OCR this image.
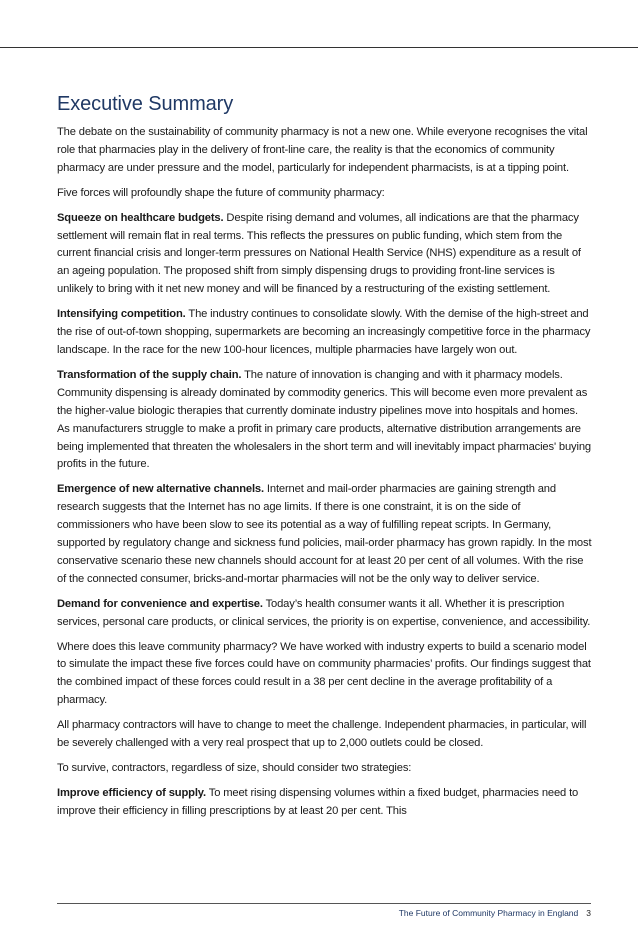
Executive Summary

The debate on the sustainability of community pharmacy is not a new one. While everyone recognises the vital role that pharmacies play in the delivery of front-line care, the reality is that the economics of community pharmacy are under pressure and the model, particularly for independent pharmacists, is at a tipping point.

Five forces will profoundly shape the future of community pharmacy:

Squeeze on healthcare budgets. Despite rising demand and volumes, all indications are that the pharmacy settlement will remain flat in real terms. This reflects the pressures on public funding, which stem from the current financial crisis and longer-term pressures on National Health Service (NHS) expenditure as a result of an ageing population. The proposed shift from simply dispensing drugs to providing front-line services is unlikely to bring with it net new money and will be financed by a restructuring of the existing settlement.

Intensifying competition. The industry continues to consolidate slowly. With the demise of the high-street and the rise of out-of-town shopping, supermarkets are becoming an increasingly competitive force in the pharmacy landscape. In the race for the new 100-hour licences, multiple pharmacies have largely won out.

Transformation of the supply chain. The nature of innovation is changing and with it pharmacy models. Community dispensing is already dominated by commodity generics. This will become even more prevalent as the higher-value biologic therapies that currently dominate industry pipelines move into hospitals and homes. As manufacturers struggle to make a profit in primary care products, alternative distribution arrangements are being implemented that threaten the wholesalers in the short term and will inevitably impact pharmacies' buying profits in the future.

Emergence of new alternative channels. Internet and mail-order pharmacies are gaining strength and research suggests that the Internet has no age limits. If there is one constraint, it is on the side of commissioners who have been slow to see its potential as a way of fulfilling repeat scripts. In Germany, supported by regulatory change and sickness fund policies, mail-order pharmacy has grown rapidly. In the most conservative scenario these new channels should account for at least 20 per cent of all volumes. With the rise of the connected consumer, bricks-and-mortar pharmacies will not be the only way to deliver service.

Demand for convenience and expertise. Today’s health consumer wants it all. Whether it is prescription services, personal care products, or clinical services, the priority is on expertise, convenience, and accessibility.

Where does this leave community pharmacy? We have worked with industry experts to build a scenario model to simulate the impact these five forces could have on community pharmacies’ profits. Our findings suggest that the combined impact of these forces could result in a 38 per cent decline in the average profitability of a pharmacy.

All pharmacy contractors will have to change to meet the challenge. Independent pharmacies, in particular, will be severely challenged with a very real prospect that up to 2,000 outlets could be closed.

To survive, contractors, regardless of size, should consider two strategies:

Improve efficiency of supply. To meet rising dispensing volumes within a fixed budget, pharmacies need to improve their efficiency in filling prescriptions by at least 20 per cent. This

The Future of Community Pharmacy in England 3
